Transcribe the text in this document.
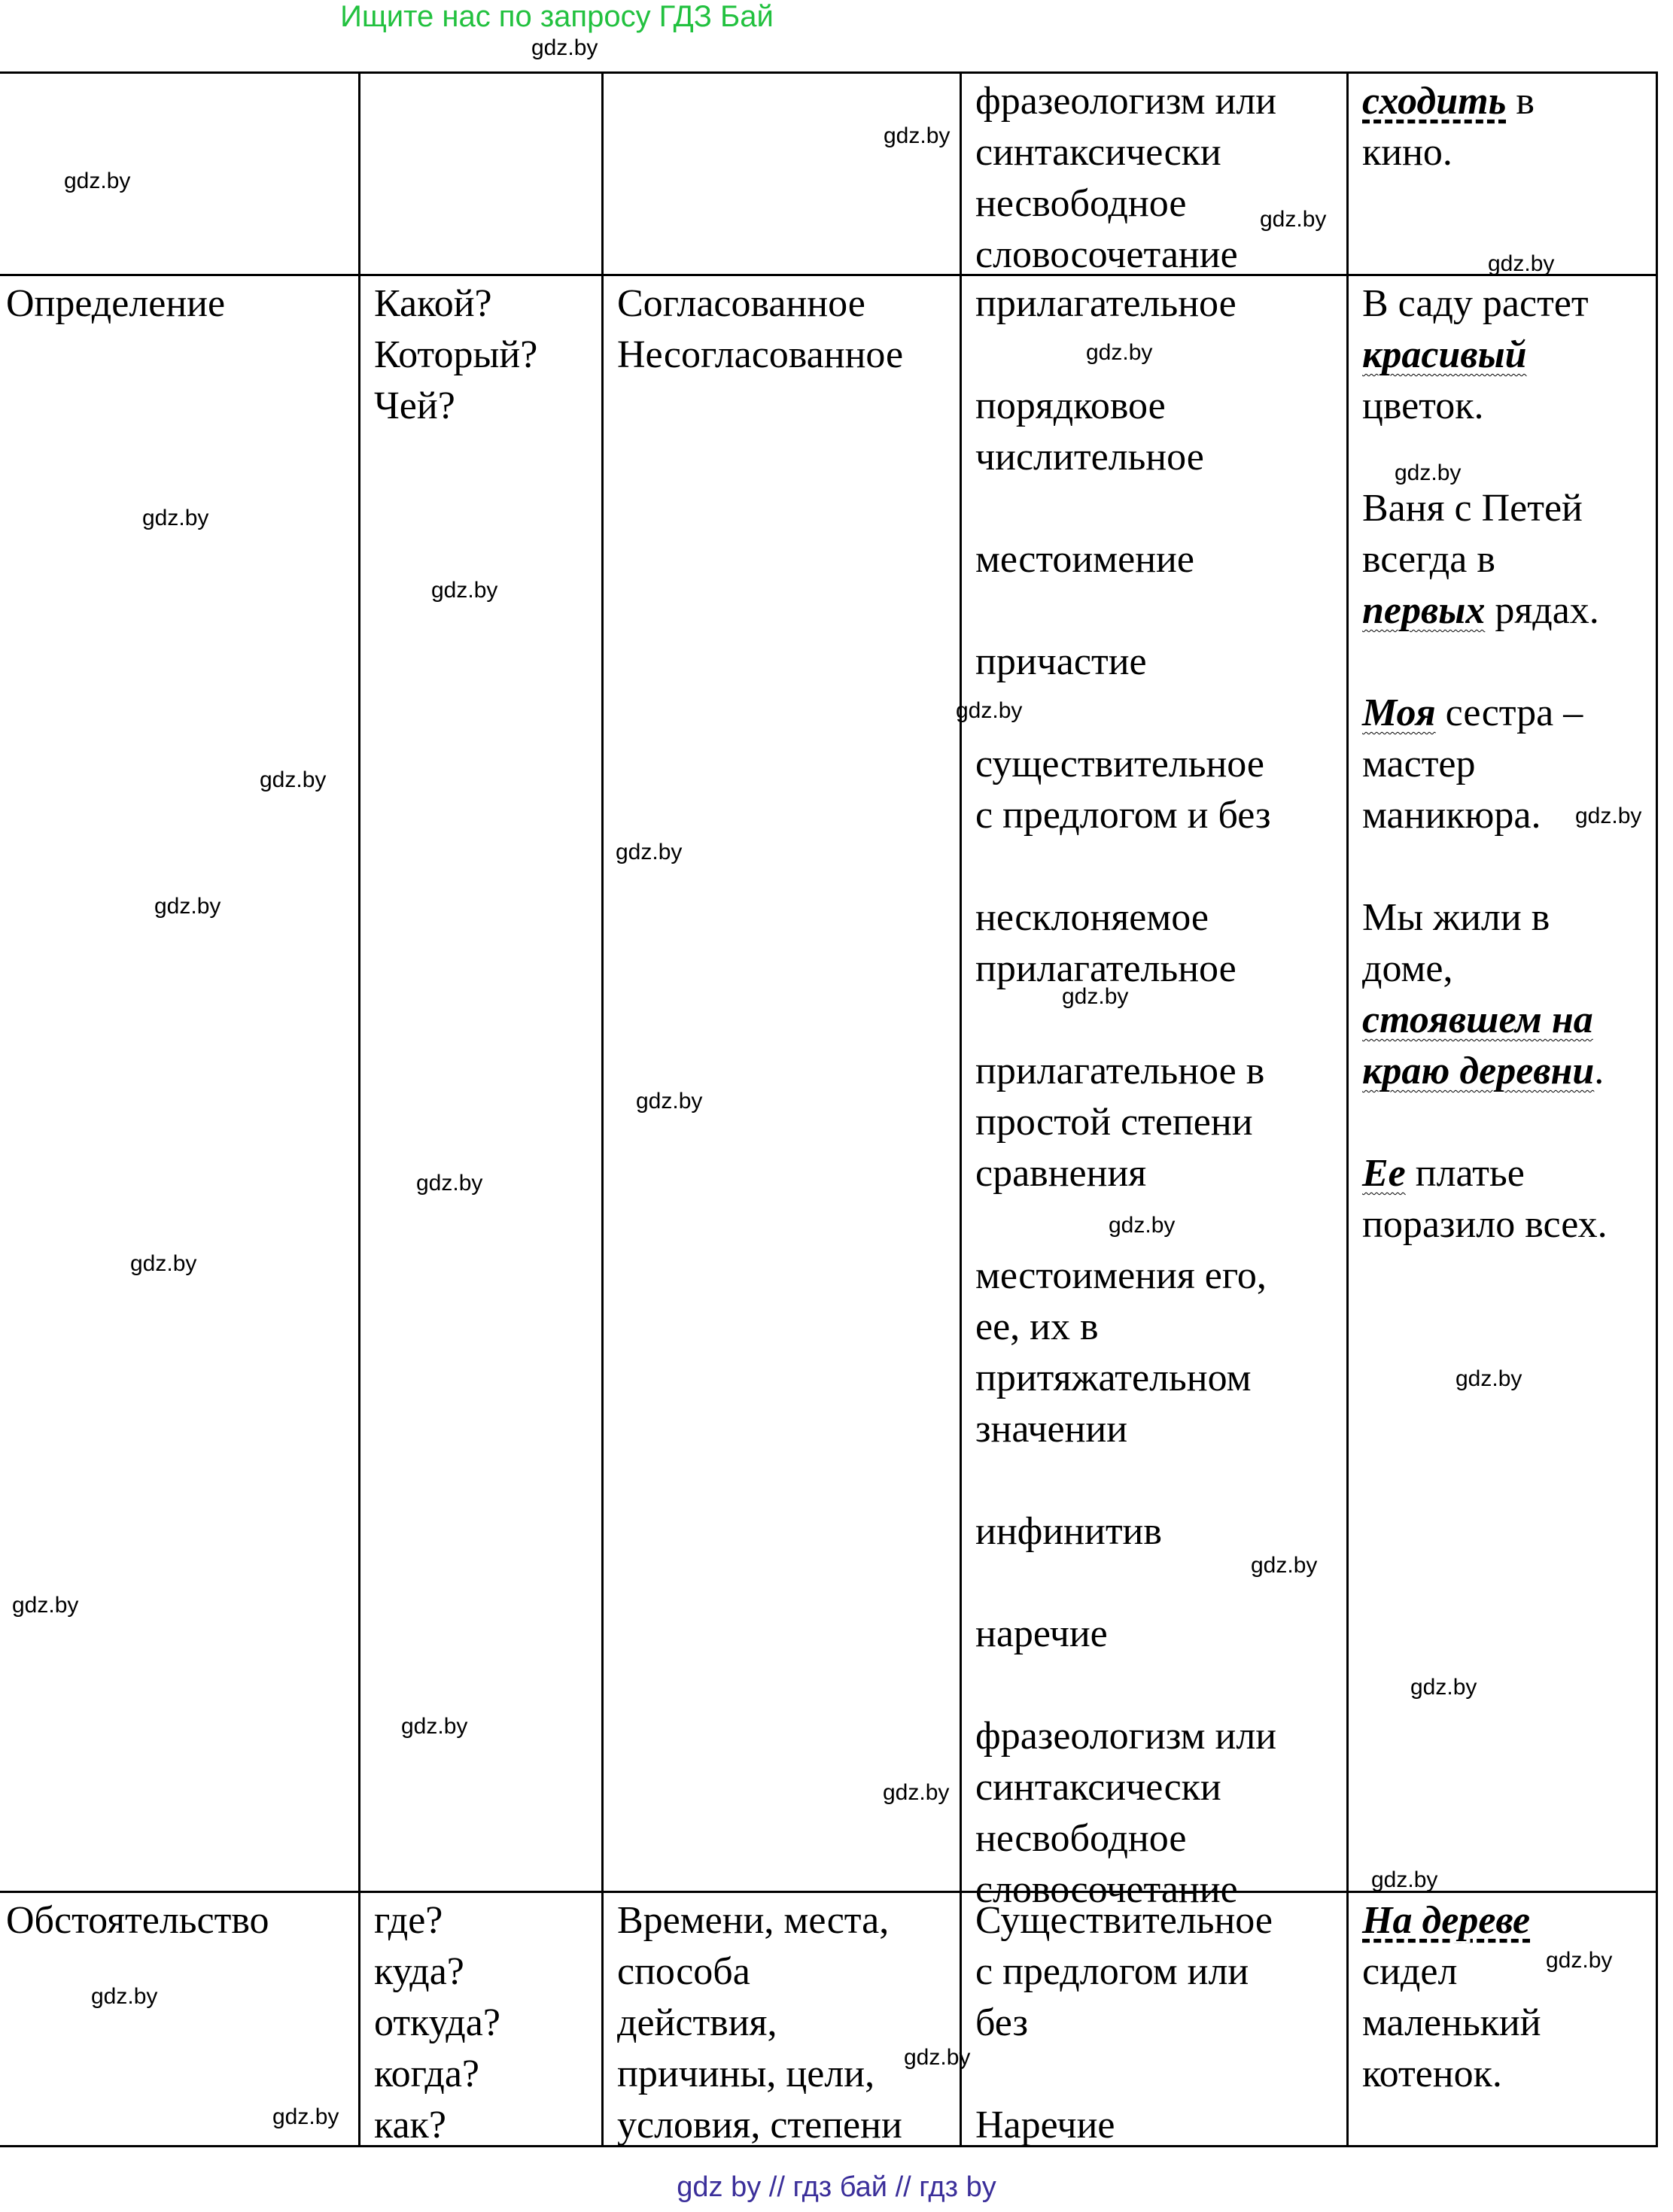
Ищите нас по запросу ГДЗ Бай
фразеологизм или
синтаксически
несвободное
словосочетание
сходить в
кино.
Определение	Какой?
Который?
Чей?
Согласованное
Несогласованное
прилагательное
порядковое
числительное
местоимение
причастие
существительное
с предлогом и без
несклоняемое
прилагательное
прилагательное в
простой степени
сравнения
местоимения его,
ее, их в
притяжательном
значении
инфинитив
наречие
фразеологизм или
синтаксически
несвободное
словосочетание
В саду растет
красивый
цветок.
Ваня с Петей
всегда в
первых рядах.
Моя сестра –
мастер
маникюра.
Мы жили в
доме,
стоявшем на
краю деревни.
Ее платье
поразило всех.
Обстоятельство	где?
куда?
откуда?
когда?
как?
Времени, места,
способа
действия,
причины, цели,
условия, степени
Существительное
с предлогом или
без
Наречие
На дереве
сидел
маленький
котенок.
gdz.by
gdz.by
gdz.by
gdz.by
gdz.by
gdz.by
gdz.by
gdz.by
gdz.by
gdz.by
gdz.by
gdz.by
gdz.by
gdz.by
gdz.by
gdz.by
gdz.by
gdz.by
gdz.by
gdz.by
gdz.by
gdz.by
gdz.by
gdz.by
gdz.by
gdz.by
gdz.by
gdz.by
gdz.by
gdz.by
gdz by // гдз бай // гдз by
